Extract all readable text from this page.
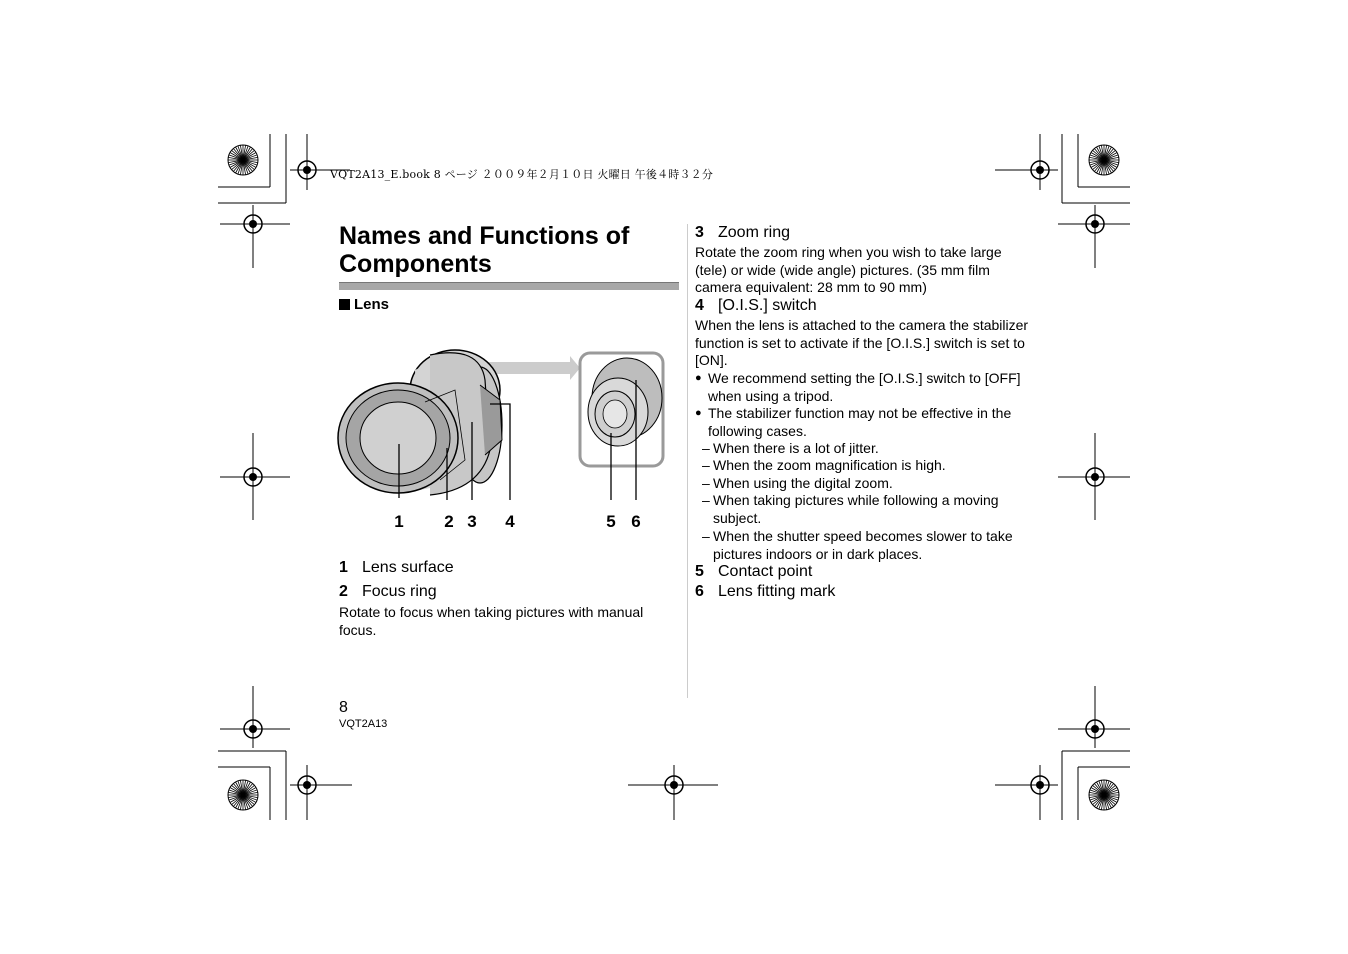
VQT2A13_E.book 8 ページ ２００９年２月１０日 火曜日 午後４時３２分
Names and Functions of
Components
Lens
1 2 3 4	5 6
1 Lens surface
2 Focus ring
Rotate to focus when taking pictures with manual focus.
3 Zoom ring
Rotate the zoom ring when you wish to take large (tele) or wide (wide angle) pictures. (35 mm film camera equivalent: 28 mm to 90 mm)
4 [O.I.S.] switch
When the lens is attached to the camera the stabilizer function is set to activate if the [O.I.S.] switch is set to [ON].
● We recommend setting the [O.I.S.] switch to [OFF] when using a tripod.
● The stabilizer function may not be effective in the following cases.
– When there is a lot of jitter.
– When the zoom magnification is high.
– When using the digital zoom.
– When taking pictures while following a moving subject.
– When the shutter speed becomes slower to take pictures indoors or in dark places.
5 Contact point
6 Lens fitting mark
8
VQT2A13
